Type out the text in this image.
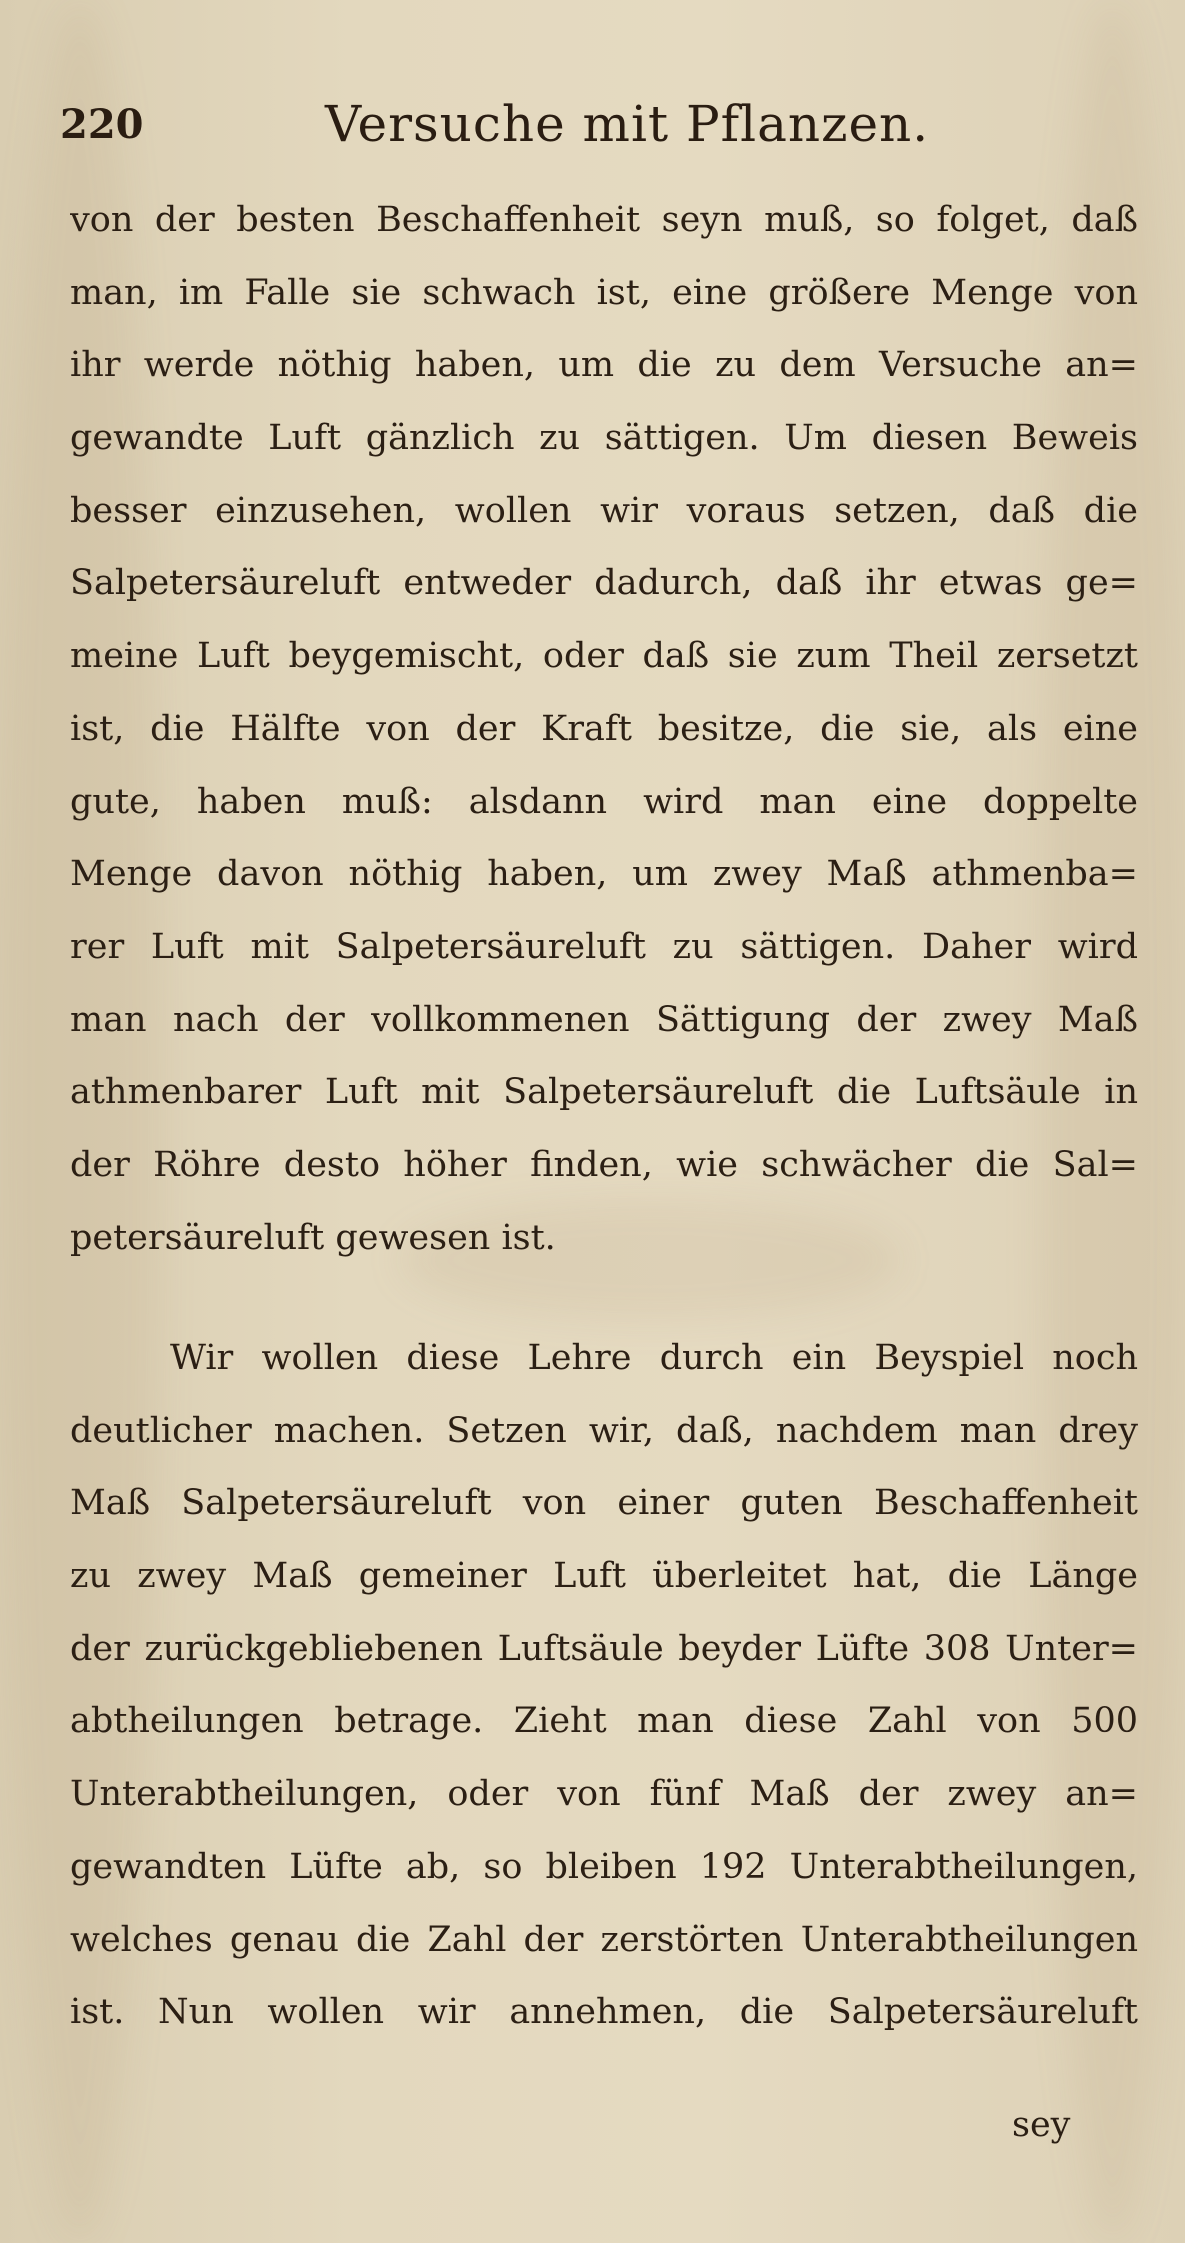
220	Versuche mit Pflanzen.
von der besten Beschaffenheit seyn muß, so folget, daß
man, im Falle sie schwach ist, eine größere Menge von
ihr werde nöthig haben, um die zu dem Versuche an=
gewandte Luft gänzlich zu sättigen. Um diesen Beweis
besser einzusehen, wollen wir voraus setzen, daß die
Salpetersäureluft entweder dadurch, daß ihr etwas ge=
meine Luft beygemischt, oder daß sie zum Theil zersetzt
ist, die Hälfte von der Kraft besitze, die sie, als eine
gute, haben muß: alsdann wird man eine doppelte
Menge davon nöthig haben, um zwey Maß athmenba=
rer Luft mit Salpetersäureluft zu sättigen. Daher wird
man nach der vollkommenen Sättigung der zwey Maß
athmenbarer Luft mit Salpetersäureluft die Luftsäule in
der Röhre desto höher finden, wie schwächer die Sal=
petersäureluft gewesen ist.
Wir wollen diese Lehre durch ein Beyspiel noch
deutlicher machen. Setzen wir, daß, nachdem man drey
Maß Salpetersäureluft von einer guten Beschaffenheit
zu zwey Maß gemeiner Luft überleitet hat, die Länge
der zurückgebliebenen Luftsäule beyder Lüfte 308 Unter=
abtheilungen betrage. Zieht man diese Zahl von 500
Unterabtheilungen, oder von fünf Maß der zwey an=
gewandten Lüfte ab, so bleiben 192 Unterabtheilungen,
welches genau die Zahl der zerstörten Unterabtheilungen
ist. Nun wollen wir annehmen, die Salpetersäureluft
sey
